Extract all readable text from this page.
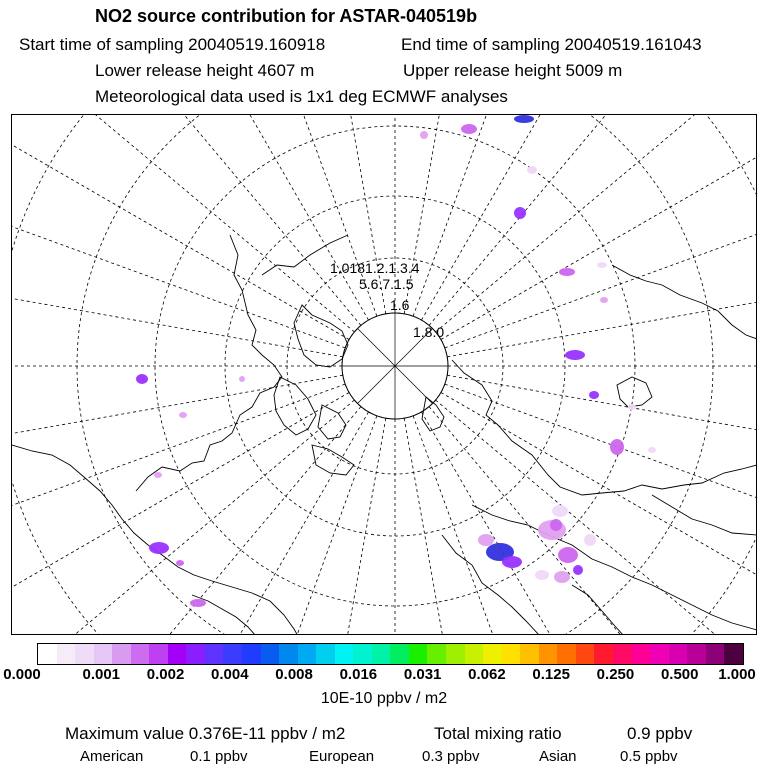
NO2 source contribution for ASTAR-040519b
Start time of sampling 20040519.160918	End time of sampling 20040519.161043
Lower release height 4607 m	Upper release height 5009 m
Meteorological data used is 1x1 deg ECMWF analyses
1.0181.2.1.3.4
5.6.7.1.5
1.6
1.8.0
0.000	0.001 0.002 0.004 0.008 0.016 0.031 0.062 0.125 0.250 0.500 1.000
10E-10 ppbv / m2
Maximum value 0.376E-11 ppbv / m2	Total mixing ratio	0.9 ppbv
American	0.1 ppbv	European	0.3 ppbv	Asian	0.5 ppbv
